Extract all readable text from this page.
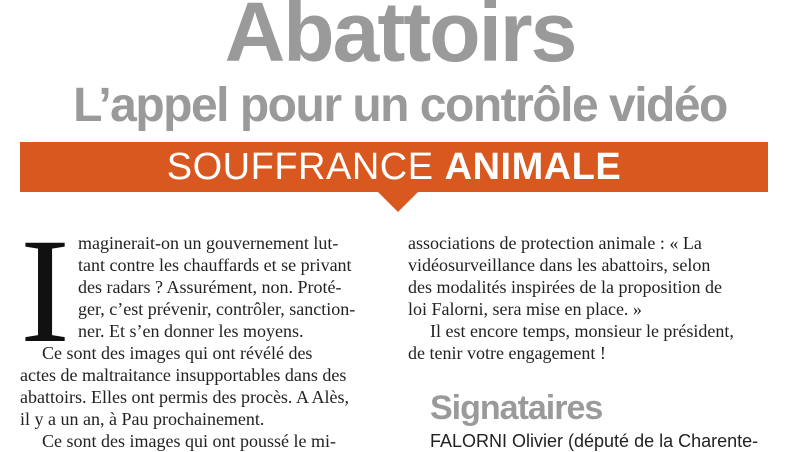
Abattoirs
L’appel pour un contrôle vidéo
SOUFFRANCE ANIMALE
I maginerait-on un gouvernement lut-
tant contre les chauffards et se privant
des radars ? Assurément, non. Proté-
ger, c’est prévenir, contrôler, sanction-
ner. Et s’en donner les moyens.
Ce sont des images qui ont révélé des
actes de maltraitance insupportables dans des
abattoirs. Elles ont permis des procès. A Alès,
il y a un an, à Pau prochainement.
Ce sont des images qui ont poussé le mi-
associations de protection animale : « La
vidéosurveillance dans les abattoirs, selon
des modalités inspirées de la proposition de
loi Falorni, sera mise en place. »
Il est encore temps, monsieur le président,
de tenir votre engagement !
Signataires
FALORNI Olivier (député de la Charente-
